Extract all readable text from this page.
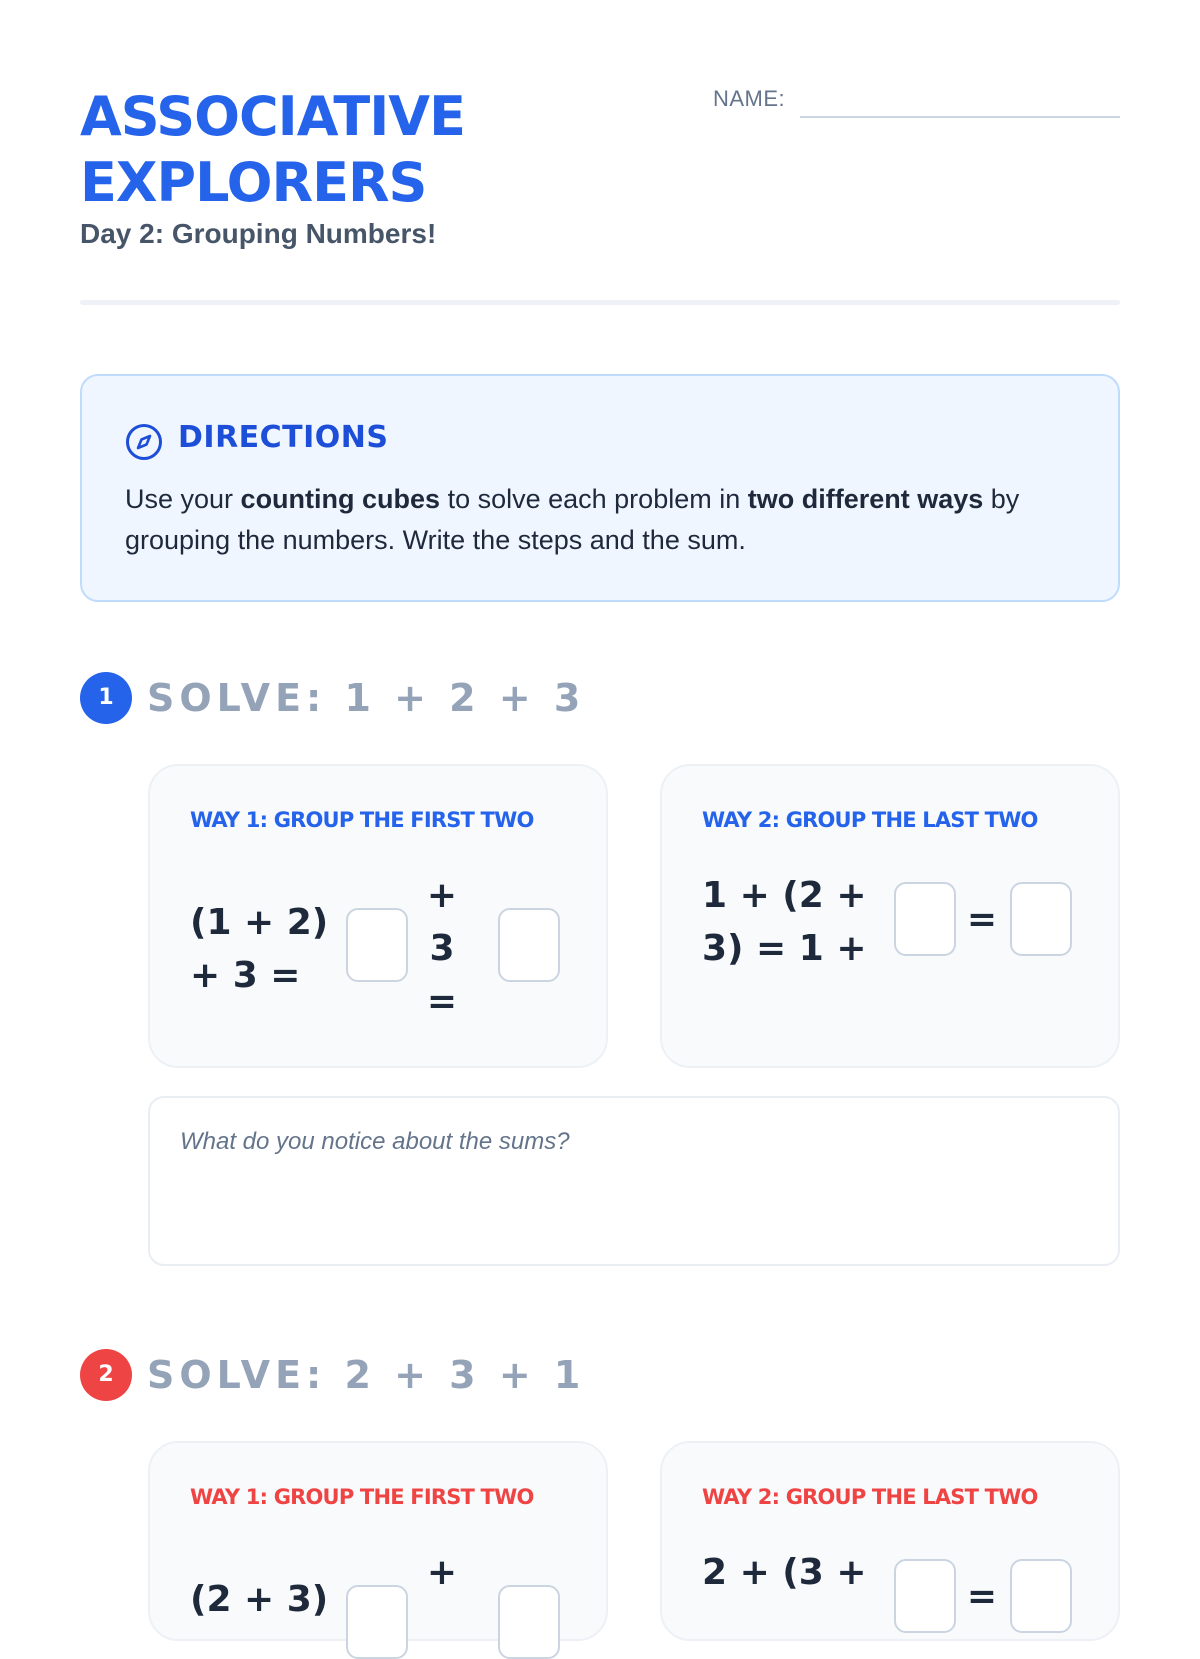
ASSOCIATIVE
EXPLORERS
Day 2: Grouping Numbers!
NAME:
DIRECTIONS
Use your counting cubes to solve each problem in two different ways by grouping the numbers. Write the steps and the sum.
1 SOLVE: 1 + 2 + 3
WAY 1: GROUP THE FIRST TWO
(1 + 2)
+ 3 =
+
3
=
WAY 2: GROUP THE LAST TWO
1 + (2 +
3) = 1 +
=
What do you notice about the sums?
2 SOLVE: 2 + 3 + 1
WAY 1: GROUP THE FIRST TWO
(2 + 3)
+
WAY 2: GROUP THE LAST TWO
2 + (3 +
=
